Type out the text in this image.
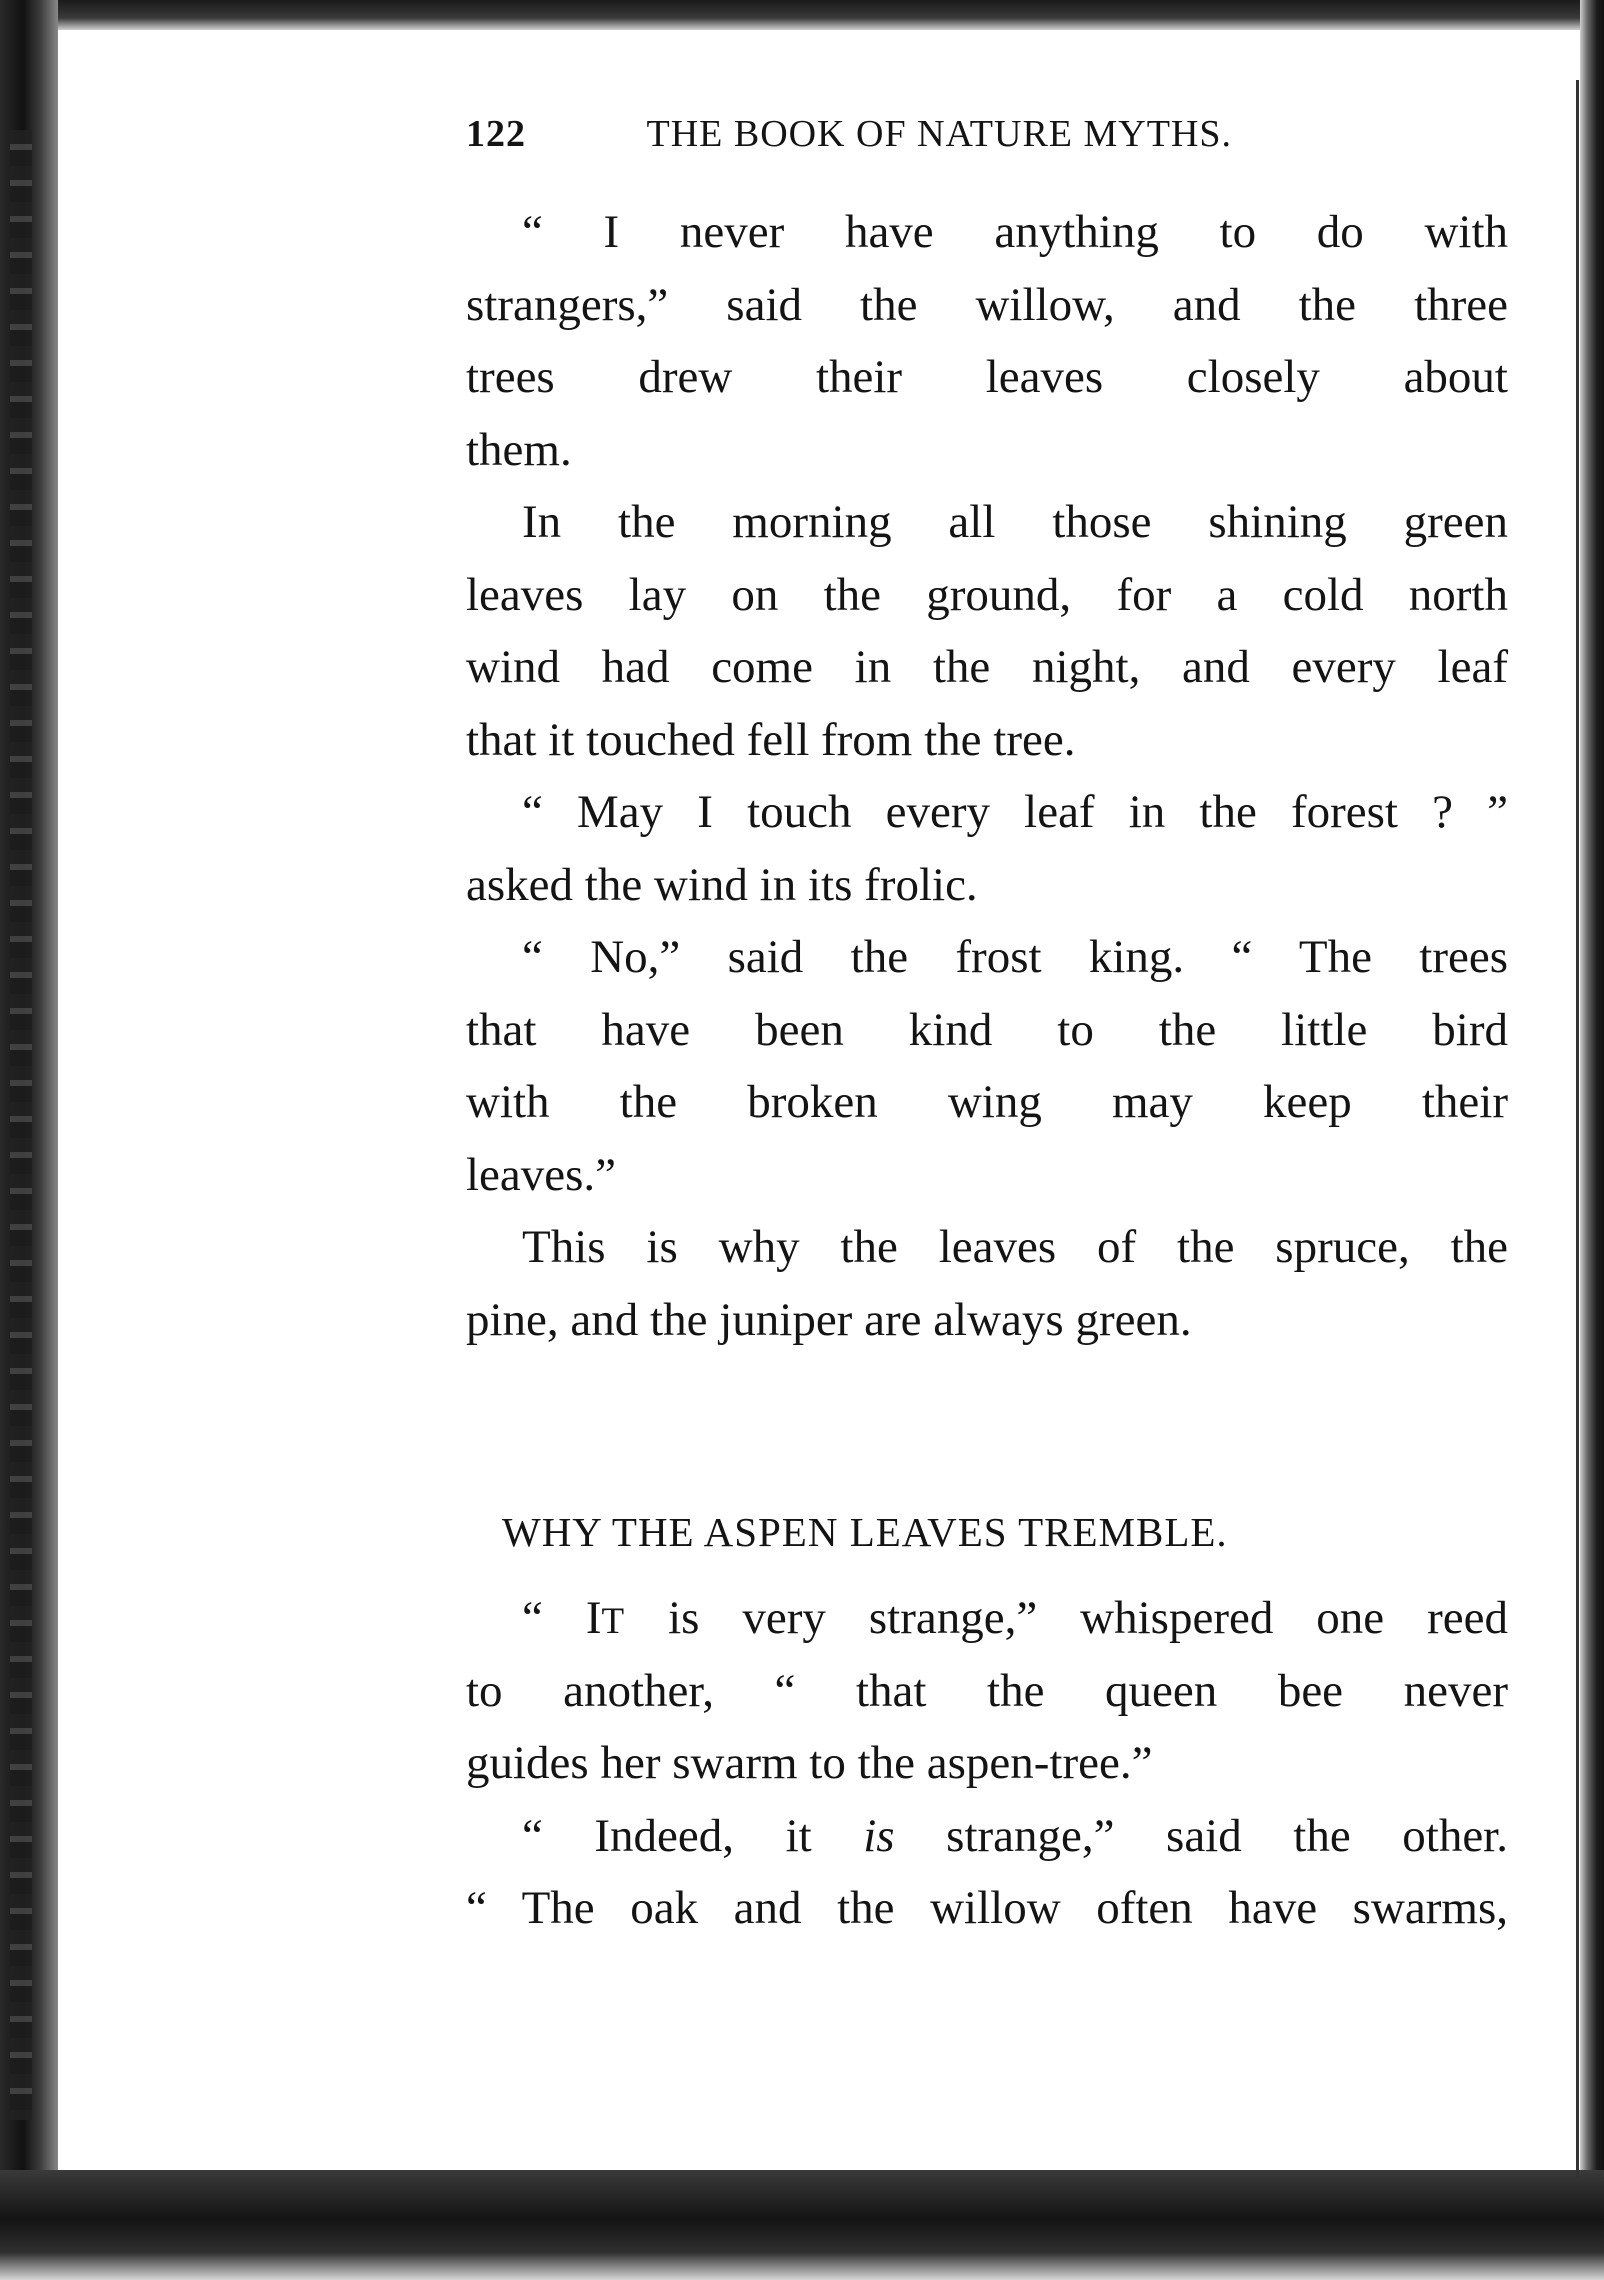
122	THE BOOK OF NATURE MYTHS.
“ I never have anything to do with
strangers,” said the willow, and the three
trees drew their leaves closely about
them.
In the morning all those shining green
leaves lay on the ground, for a cold north
wind had come in the night, and every leaf
that it touched fell from the tree.
“ May I touch every leaf in the forest ? ”
asked the wind in its frolic.
“ No,” said the frost king. “ The trees
that have been kind to the little bird
with the broken wing may keep their
leaves.”
This is why the leaves of the spruce, the
pine, and the juniper are always green.
WHY THE ASPEN LEAVES TREMBLE.
“ IT is very strange,” whispered one reed
to another, “ that the queen bee never
guides her swarm to the aspen-tree.”
“ Indeed, it is strange,” said the other.
“ The oak and the willow often have swarms,
